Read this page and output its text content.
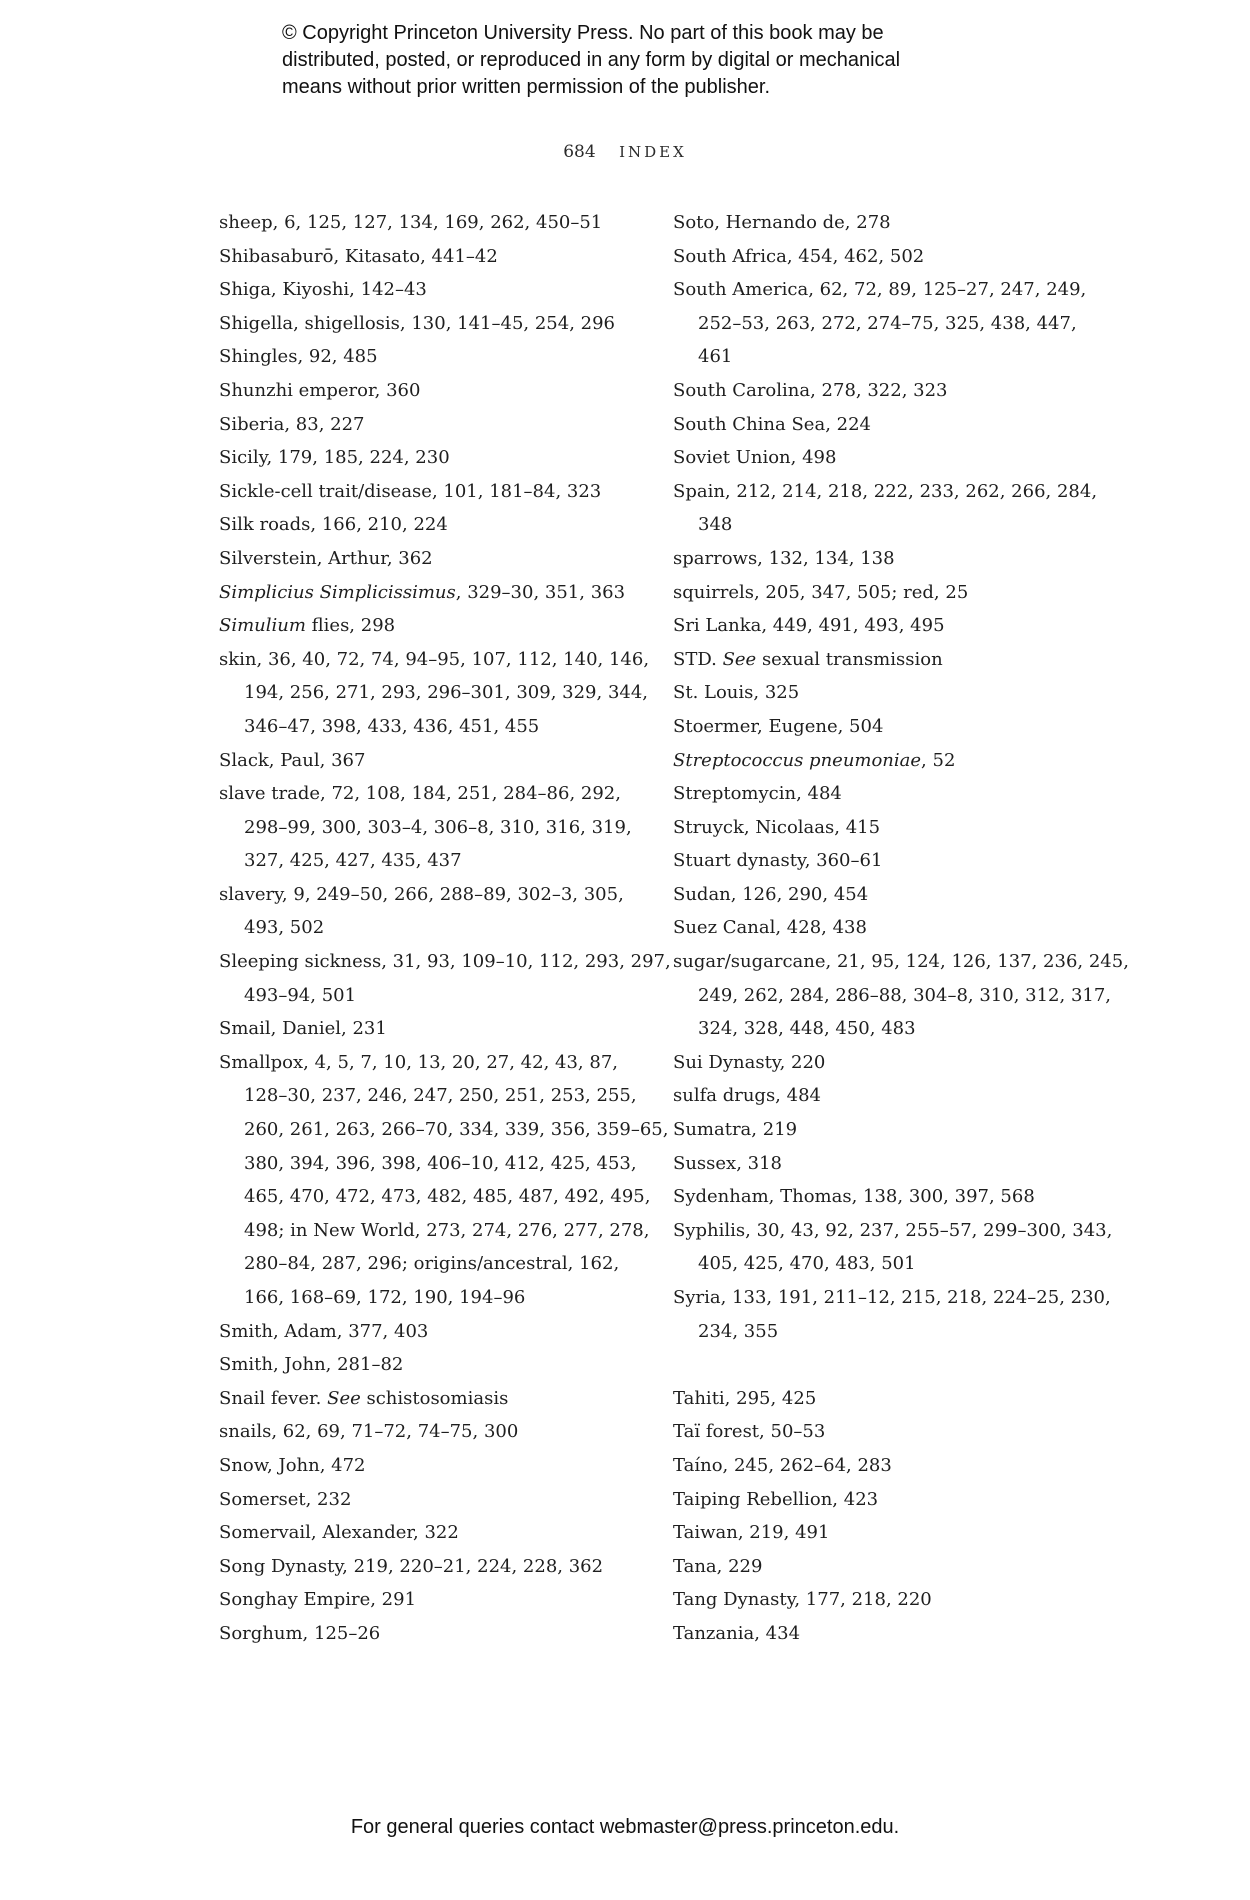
© Copyright Princeton University Press. No part of this book may be
distributed, posted, or reproduced in any form by digital or mechanical
means without prior written permission of the publisher.
684 INDEX
sheep, 6, 125, 127, 134, 169, 262, 450–51
Shibasaburō, Kitasato, 441–42
Shiga, Kiyoshi, 142–43
Shigella, shigellosis, 130, 141–45, 254, 296
Shingles, 92, 485
Shunzhi emperor, 360
Siberia, 83, 227
Sicily, 179, 185, 224, 230
Sickle-cell trait/disease, 101, 181–84, 323
Silk roads, 166, 210, 224
Silverstein, Arthur, 362
Simplicius Simplicissimus, 329–30, 351, 363
Simulium flies, 298
skin, 36, 40, 72, 74, 94–95, 107, 112, 140, 146,
194, 256, 271, 293, 296–301, 309, 329, 344,
346–47, 398, 433, 436, 451, 455
Slack, Paul, 367
slave trade, 72, 108, 184, 251, 284–86, 292,
298–99, 300, 303–4, 306–8, 310, 316, 319,
327, 425, 427, 435, 437
slavery, 9, 249–50, 266, 288–89, 302–3, 305,
493, 502
Sleeping sickness, 31, 93, 109–10, 112, 293, 297,
493–94, 501
Smail, Daniel, 231
Smallpox, 4, 5, 7, 10, 13, 20, 27, 42, 43, 87,
128–30, 237, 246, 247, 250, 251, 253, 255,
260, 261, 263, 266–70, 334, 339, 356, 359–65,
380, 394, 396, 398, 406–10, 412, 425, 453,
465, 470, 472, 473, 482, 485, 487, 492, 495,
498; in New World, 273, 274, 276, 277, 278,
280–84, 287, 296; origins/ancestral, 162,
166, 168–69, 172, 190, 194–96
Smith, Adam, 377, 403
Smith, John, 281–82
Snail fever. See schistosomiasis
snails, 62, 69, 71–72, 74–75, 300
Snow, John, 472
Somerset, 232
Somervail, Alexander, 322
Song Dynasty, 219, 220–21, 224, 228, 362
Songhay Empire, 291
Sorghum, 125–26
Soto, Hernando de, 278
South Africa, 454, 462, 502
South America, 62, 72, 89, 125–27, 247, 249,
252–53, 263, 272, 274–75, 325, 438, 447,
461
South Carolina, 278, 322, 323
South China Sea, 224
Soviet Union, 498
Spain, 212, 214, 218, 222, 233, 262, 266, 284,
348
sparrows, 132, 134, 138
squirrels, 205, 347, 505; red, 25
Sri Lanka, 449, 491, 493, 495
STD. See sexual transmission
St. Louis, 325
Stoermer, Eugene, 504
Streptococcus pneumoniae, 52
Streptomycin, 484
Struyck, Nicolaas, 415
Stuart dynasty, 360–61
Sudan, 126, 290, 454
Suez Canal, 428, 438
sugar/sugarcane, 21, 95, 124, 126, 137, 236, 245,
249, 262, 284, 286–88, 304–8, 310, 312, 317,
324, 328, 448, 450, 483
Sui Dynasty, 220
sulfa drugs, 484
Sumatra, 219
Sussex, 318
Sydenham, Thomas, 138, 300, 397, 568
Syphilis, 30, 43, 92, 237, 255–57, 299–300, 343,
405, 425, 470, 483, 501
Syria, 133, 191, 211–12, 215, 218, 224–25, 230,
234, 355
Tahiti, 295, 425
Taï forest, 50–53
Taíno, 245, 262–64, 283
Taiping Rebellion, 423
Taiwan, 219, 491
Tana, 229
Tang Dynasty, 177, 218, 220
Tanzania, 434
For general queries contact webmaster@press.princeton.edu.
